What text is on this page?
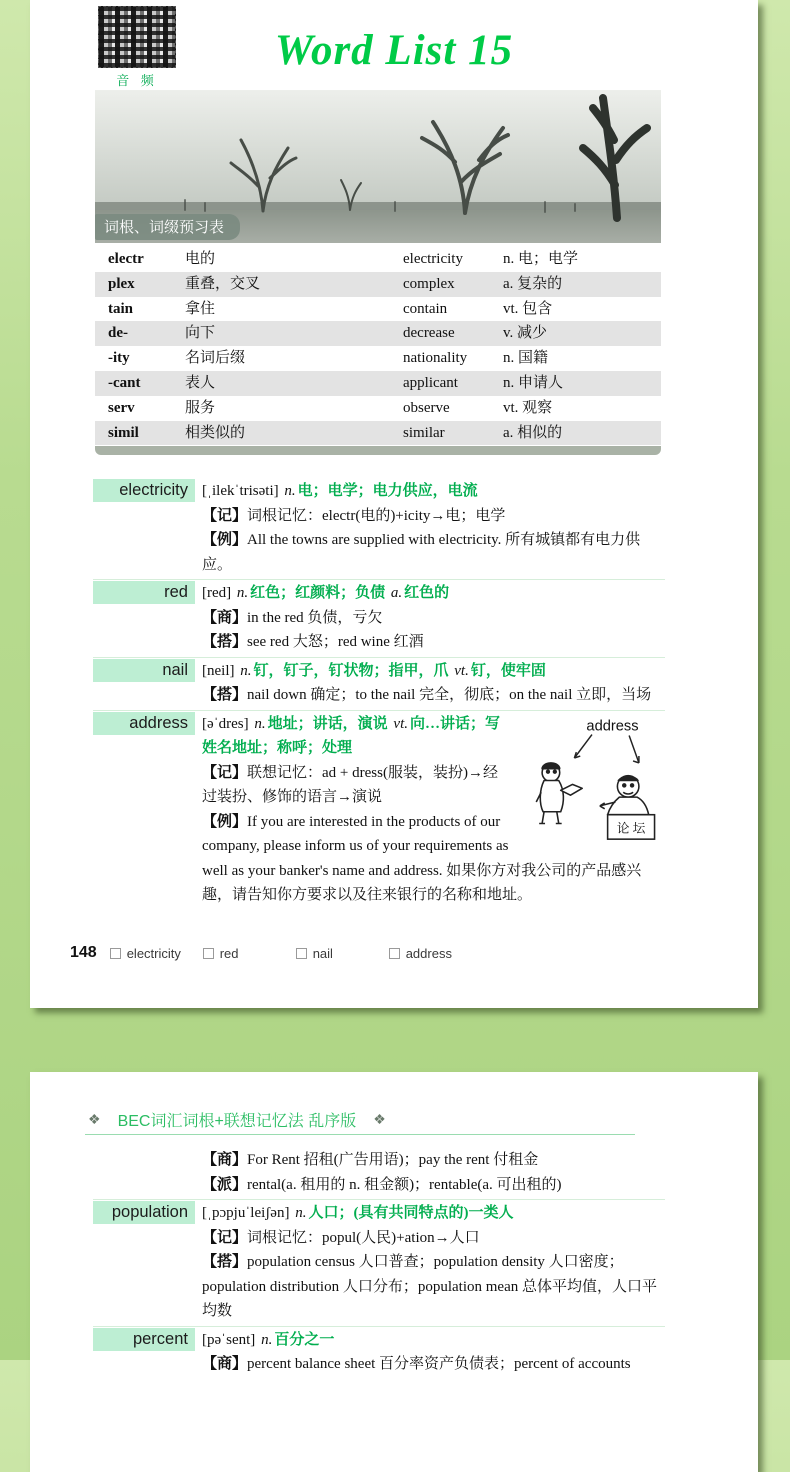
音 频
Word List 15
词根、词缀预习表
electr	电的	electricity	n. 电；电学
plex	重叠，交叉	complex	a. 复杂的
tain	拿住	contain	vt. 包含
de-	向下	decrease	v. 减少
-ity	名词后缀	nationality	n. 国籍
-cant	表人	applicant	n. 申请人
serv	服务	observe	vt. 观察
simil	相类似的	similar	a. 相似的
electricity [ˌilekˈtrisəti] n. 电；电学；电力供应，电流
【记】词根记忆：electr(电的)+icity→电；电学
【例】All the towns are supplied with electricity. 所有城镇都有电力供应。
red [red] n. 红色；红颜料；负债 a. 红色的
【商】in the red 负债，亏欠
【搭】see red 大怒；red wine 红酒
nail [neil] n. 钉，钉子，钉状物；指甲，爪 vt. 钉，使牢固
【搭】nail down 确定；to the nail 完全，彻底；on the nail 立即，当场
address	address
论 坛
[əˈdres] n. 地址；讲话，演说 vt. 向…讲话；写姓名地址；称呼；处理
【记】联想记忆：ad + dress(服装，装扮)→经过装扮、修饰的语言→演说
【例】If you are interested in the products of our company, please inform us of your requirements as well as your banker's name and address. 如果你方对我公司的产品感兴趣，请告知你方要求以及往来银行的名称和地址。
148 electricity	red	nail	address
❖ BEC词汇词根+联想记忆法 乱序版 ❖
【商】For Rent 招租(广告用语)；pay the rent 付租金
【派】rental(a. 租用的 n. 租金额)；rentable(a. 可出租的)
population [ˌpɔpjuˈleiʃən] n. 人口；(具有共同特点的)一类人
【记】词根记忆：popul(人民)+ation→人口
【搭】population census 人口普查；population density 人口密度；population distribution 人口分布；population mean 总体平均值，人口平均数
percent [pəˈsent] n. 百分之一
【商】percent balance sheet 百分率资产负债表；percent of accounts
